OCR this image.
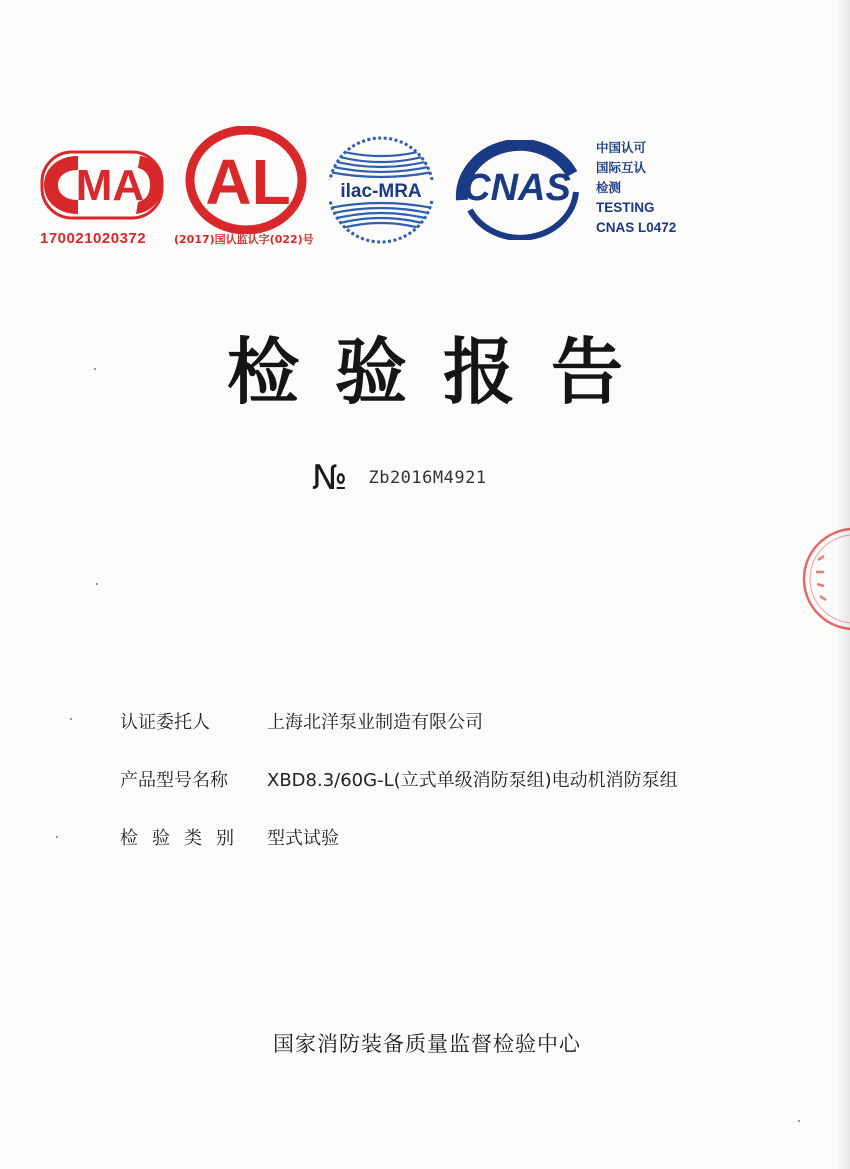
MA
170021020372
AL
(2017)国认监认字(022)号
ilac-MRA CNAS
中国认可
国际互认
检测
TESTING
CNAS L0472
检验报告
№ Zb2016M4921
认证委托人	上海北洋泵业制造有限公司
产品型号名称 XBD8.3/60G-L(立式单级消防泵组)电动机消防泵组
检验类别 型式试验
国家消防装备质量监督检验中心
